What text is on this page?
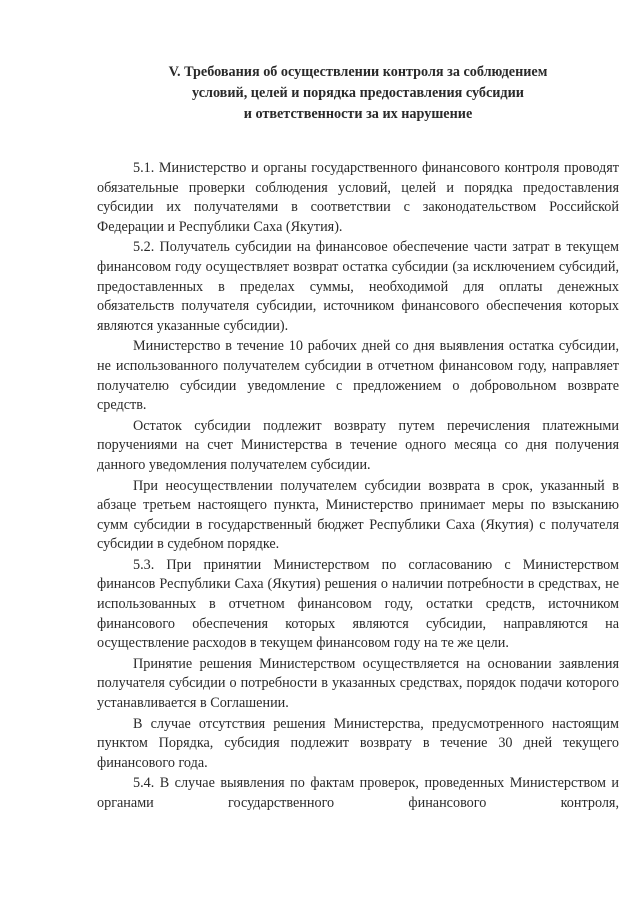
V. Требования об осуществлении контроля за соблюдением
условий, целей и порядка предоставления субсидии
и ответственности за их нарушение

5.1. Министерство и органы государственного финансового контроля проводят обязательные проверки соблюдения условий, целей и порядка предоставления субсидии их получателями в соответствии с законодательством Российской Федерации и Республики Саха (Якутия).

5.2. Получатель субсидии на финансовое обеспечение части затрат в текущем финансовом году осуществляет возврат остатка субсидии (за исключением субсидий, предоставленных в пределах суммы, необходимой для оплаты денежных обязательств получателя субсидии, источником финансового обеспечения которых являются указанные субсидии).

Министерство в течение 10 рабочих дней со дня выявления остатка субсидии, не использованного получателем субсидии в отчетном финансовом году, направляет получателю субсидии уведомление с предложением о добровольном возврате средств.

Остаток субсидии подлежит возврату путем перечисления платежными поручениями на счет Министерства в течение одного месяца со дня получения данного уведомления получателем субсидии.

При неосуществлении получателем субсидии возврата в срок, указанный в абзаце третьем настоящего пункта, Министерство принимает меры по взысканию сумм субсидии в государственный бюджет Республики Саха (Якутия) с получателя субсидии в судебном порядке.

5.3. При принятии Министерством по согласованию с Министерством финансов Республики Саха (Якутия) решения о наличии потребности в средствах, не использованных в отчетном финансовом году, остатки средств, источником финансового обеспечения которых являются субсидии, направляются на осуществление расходов в текущем финансовом году на те же цели.

Принятие решения Министерством осуществляется на основании заявления получателя субсидии о потребности в указанных средствах, порядок подачи которого устанавливается в Соглашении.

В случае отсутствия решения Министерства, предусмотренного настоящим пунктом Порядка, субсидия подлежит возврату в течение 30 дней текущего финансового года.

5.4. В случае выявления по фактам проверок, проведенных Министерством и органами государственного финансового контроля,
